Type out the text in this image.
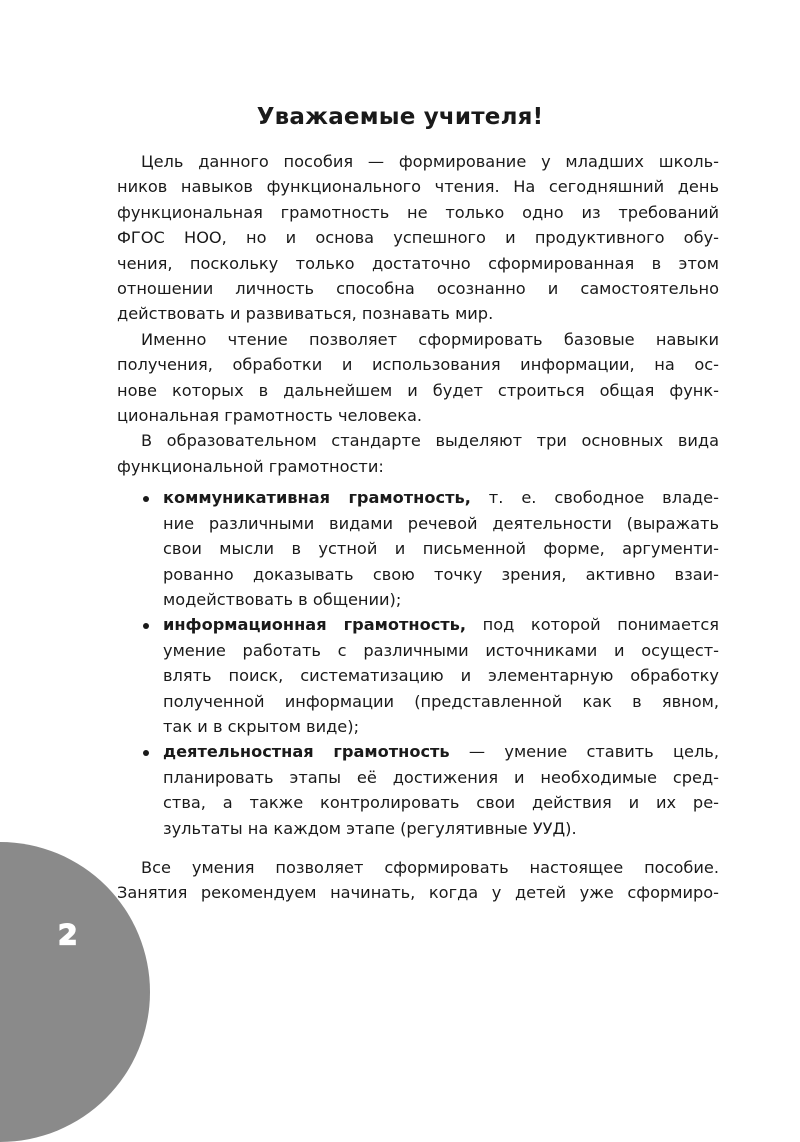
Уважаемые учителя!

Цель данного пособия — формирование у младших школь-
ников навыков функционального чтения. На сегодняшний день
функциональная грамотность не только одно из требований
ФГОС НОО, но и основа успешного и продуктивного обу-
чения, поскольку только достаточно сформированная в этом
отношении личность способна осознанно и самостоятельно
действовать и развиваться, познавать мир.

Именно чтение позволяет сформировать базовые навыки
получения, обработки и использования информации, на ос-
нове которых в дальнейшем и будет строиться общая функ-
циональная грамотность человека.

В образовательном стандарте выделяют три основных вида
функциональной грамотности:

коммуникативная грамотность, т. е. свободное владе-
ние различными видами речевой деятельности (выражать
свои мысли в устной и письменной форме, аргументи-
рованно доказывать свою точку зрения, активно взаи-
модействовать в общении);
информационная грамотность, под которой понимается
умение работать с различными источниками и осущест-
влять поиск, систематизацию и элементарную обработку
полученной информации (представленной как в явном,
так и в скрытом виде);
деятельностная грамотность — умение ставить цель,
планировать этапы её достижения и необходимые сред-
ства, а также контролировать свои действия и их ре-
зультаты на каждом этапе (регулятивные УУД).

Все умения позволяет сформировать настоящее пособие.
Занятия рекомендуем начинать, когда у детей уже сформиро-

2
